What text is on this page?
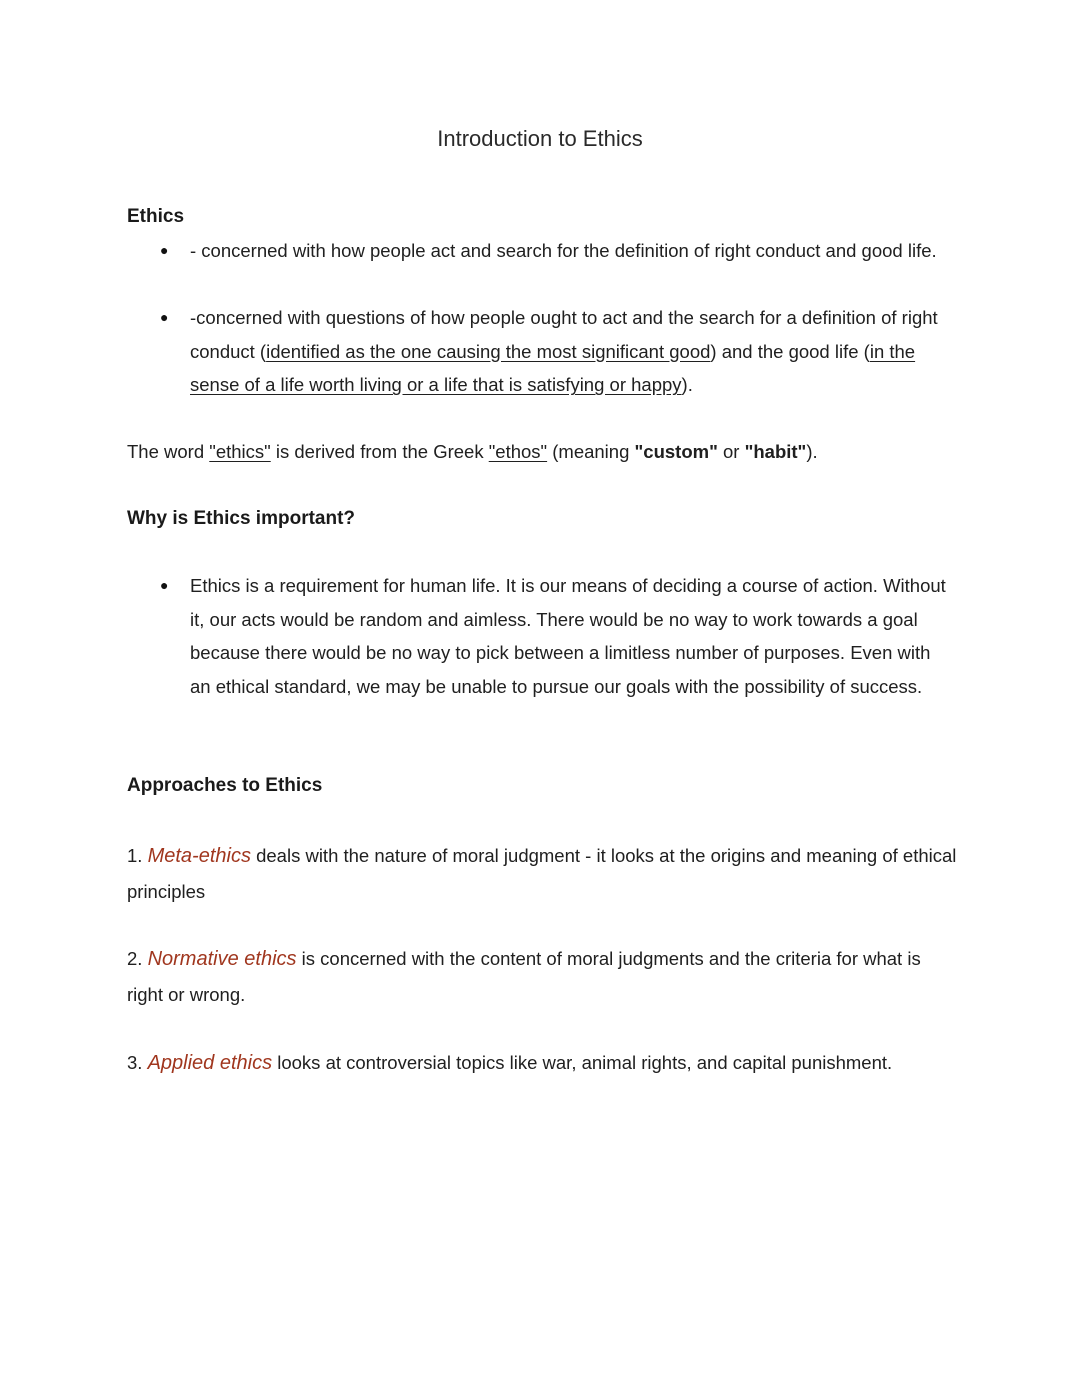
Introduction to Ethics
Ethics
● - concerned with how people act and search for the definition of right conduct and good life.
● -concerned with questions of how people ought to act and the search for a definition of right conduct (identified as the one causing the most significant good) and the good life (in the sense of a life worth living or a life that is satisfying or happy).
The word "ethics" is derived from the Greek "ethos" (meaning "custom" or "habit").
Why is Ethics important?
● Ethics is a requirement for human life. It is our means of deciding a course of action. Without it, our acts would be random and aimless. There would be no way to work towards a goal because there would be no way to pick between a limitless number of purposes. Even with an ethical standard, we may be unable to pursue our goals with the possibility of success.
Approaches to Ethics
1. Meta-ethics deals with the nature of moral judgment - it looks at the origins and meaning of ethical principles
2. Normative ethics is concerned with the content of moral judgments and the criteria for what is right or wrong.
3. Applied ethics looks at controversial topics like war, animal rights, and capital punishment.
